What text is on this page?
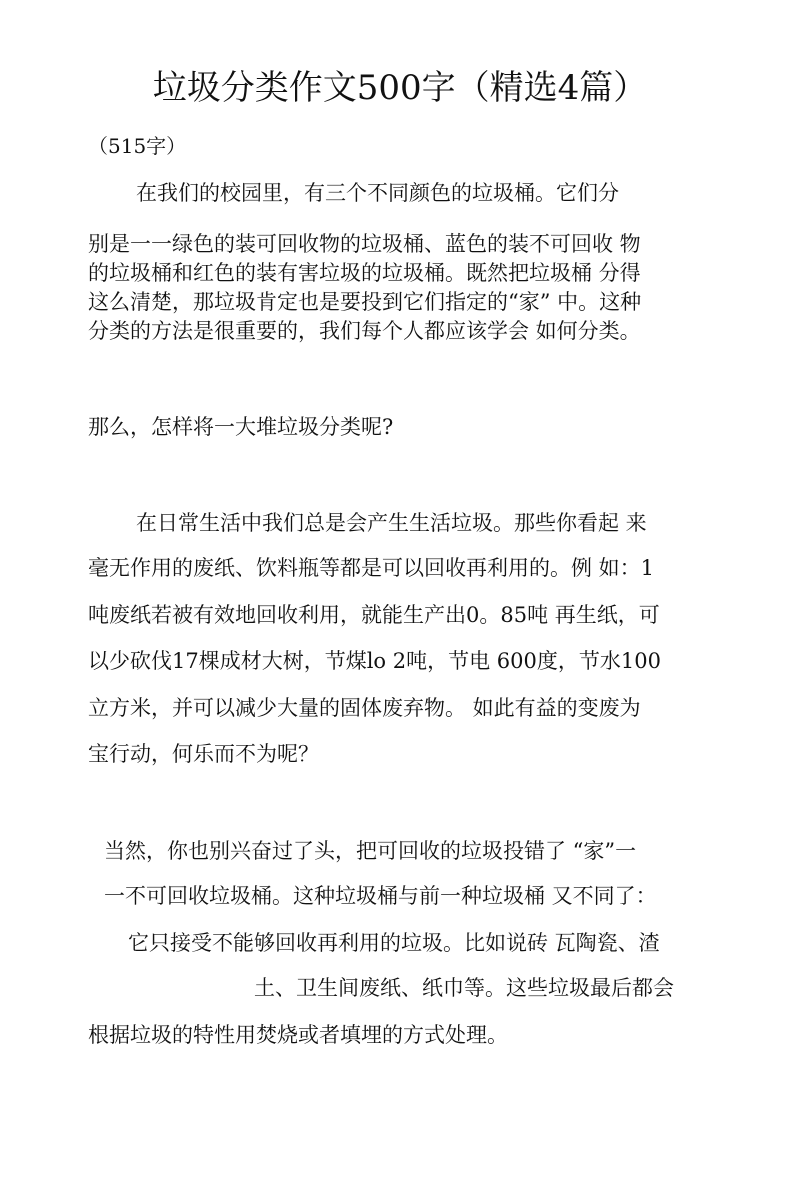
垃圾分类作文500字（精选4篇）
（515字）
在我们的校园里，有三个不同颜色的垃圾桶。它们分
别是一一绿色的装可回收物的垃圾桶、蓝色的装不可回收 物
的垃圾桶和红色的装有害垃圾的垃圾桶。既然把垃圾桶 分得
这么清楚，那垃圾肯定也是要投到它们指定的“家” 中。这种
分类的方法是很重要的，我们每个人都应该学会 如何分类。
那么，怎样将一大堆垃圾分类呢?
在日常生活中我们总是会产生生活垃圾。那些你看起 来
毫无作用的废纸、饮料瓶等都是可以回收再利用的。例 如：1
吨废纸若被有效地回收利用，就能生产出0。85吨 再生纸，可
以少砍伐17棵成材大树，节煤lo 2吨，节电 600度，节水100
立方米，并可以减少大量的固体废弃物。 如此有益的变废为
宝行动，何乐而不为呢？
当然，你也别兴奋过了头，把可回收的垃圾投错了 “家”一
一不可回收垃圾桶。这种垃圾桶与前一种垃圾桶 又不同了：
它只接受不能够回收再利用的垃圾。比如说砖 瓦陶瓷、渣
土、卫生间废纸、纸巾等。这些垃圾最后都会
根据垃圾的特性用焚烧或者填埋的方式处理。
